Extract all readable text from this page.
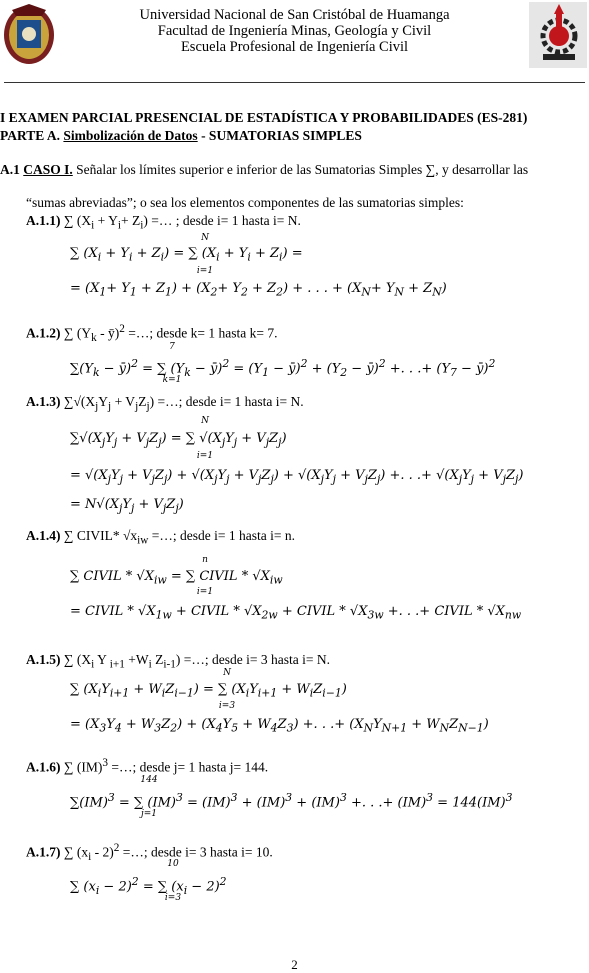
Universidad Nacional de San Cristóbal de Huamanga
Facultad de Ingeniería Minas, Geología y Civil
Escuela Profesional de Ingeniería Civil
I EXAMEN PARCIAL PRESENCIAL DE ESTADÍSTICA Y PROBABILIDADES (ES-281)
PARTE A. Simbolización de Datos - SUMATORIAS SIMPLES
A.1 CASO I. Señalar los límites superior e inferior de las Sumatorias Simples ∑, y desarrollar las
“sumas abreviadas”; o sea los elementos componentes de las sumatorias simples:
A.1.1) ∑ $(X_i + Y_i+ Z_i)$ =… ; desde i= 1 hasta i= N.
N
∑ $(X_i + Y_i + Z_i)$ = ∑ $(X_i + Y_i + Z_i)$ =
i=1
= $(X_1+ Y_1 + Z_1) + (X_2+ Y_2 + Z_2)$ + . . . + $(X_N+ Y_N + Z_N)$
A.1.2) ∑ ($Y_k$ - ȳ)$^2$ =…; desde k= 1 hasta k= 7.
7
$\sum(Y_k$ − ȳ)$^2$ = ∑ ($Y_k$ − ȳ)$^2$ = ($Y_1$ − ȳ)$^2$ + ($Y_2$ − ȳ)$^2$ +. . .+ ($Y_7$ − ȳ)$^2$
k=1
A.1.3) $\sum√(X_jY_j + V_jZ_j)$ =…; desde i= 1 hasta i= N.
N
$\sum√(X_jY_j + V_jZ_j)$ = ∑ $√(X_jY_j + V_jZ_j)$
i=1
= $√(X_jY_j + V_jZ_j) + √(X_jY_j + V_jZ_j) + √(X_jY_j + V_jZ_j)$ +. . .+ $√(X_jY_j + V_jZ_j)$
= $N√(X_jY_j + V_jZ_j)$
A.1.4) ∑ CIVIL* $√x_{iw}$ =…; desde i= 1 hasta i= n.
n
∑ CIVIL * $√X_{iw}$ = ∑ CIVIL * $√X_{iw}$
i=1
= CIVIL * $√X_{1w}$ + CIVIL * $√X_{2w}$ + CIVIL * $√X_{3w}$ +. . .+ CIVIL * $√X_{nw}$
A.1.5) ∑ ($X_i$ Y $_{i+1} +W_i$ $Z_{i-1}$) =…; desde i= 3 hasta i= N.
N
∑ $(X_iY_{i+1} + W_iZ_{i-1})$ = ∑ $(X_iY_{i+1} + W_iZ_{i-1})$
i=3
= $(X_3Y_4 + W_3Z_2) + (X_4Y_5 + W_4Z_3)$ +. . .+ $(X_NY_{N+1} + W_NZ_{N-1})$
A.1.6) ∑ (IM)$^3$ =…; desde j= 1 hasta j= 144.
144
∑(IM)$^3$ = ∑ (IM)$^3$ = (IM)$^3$ + (IM)$^3$ + (IM)$^3$ +. . .+ (IM)$^3$ = 144(IM)$^3$
j=1
A.1.7) ∑ $(x_i - 2)^2$ =…; desde i= 3 hasta i= 10.
10
∑ $(x_i - 2)^2$ = ∑ $(x_i - 2)^2$
i=3
2
